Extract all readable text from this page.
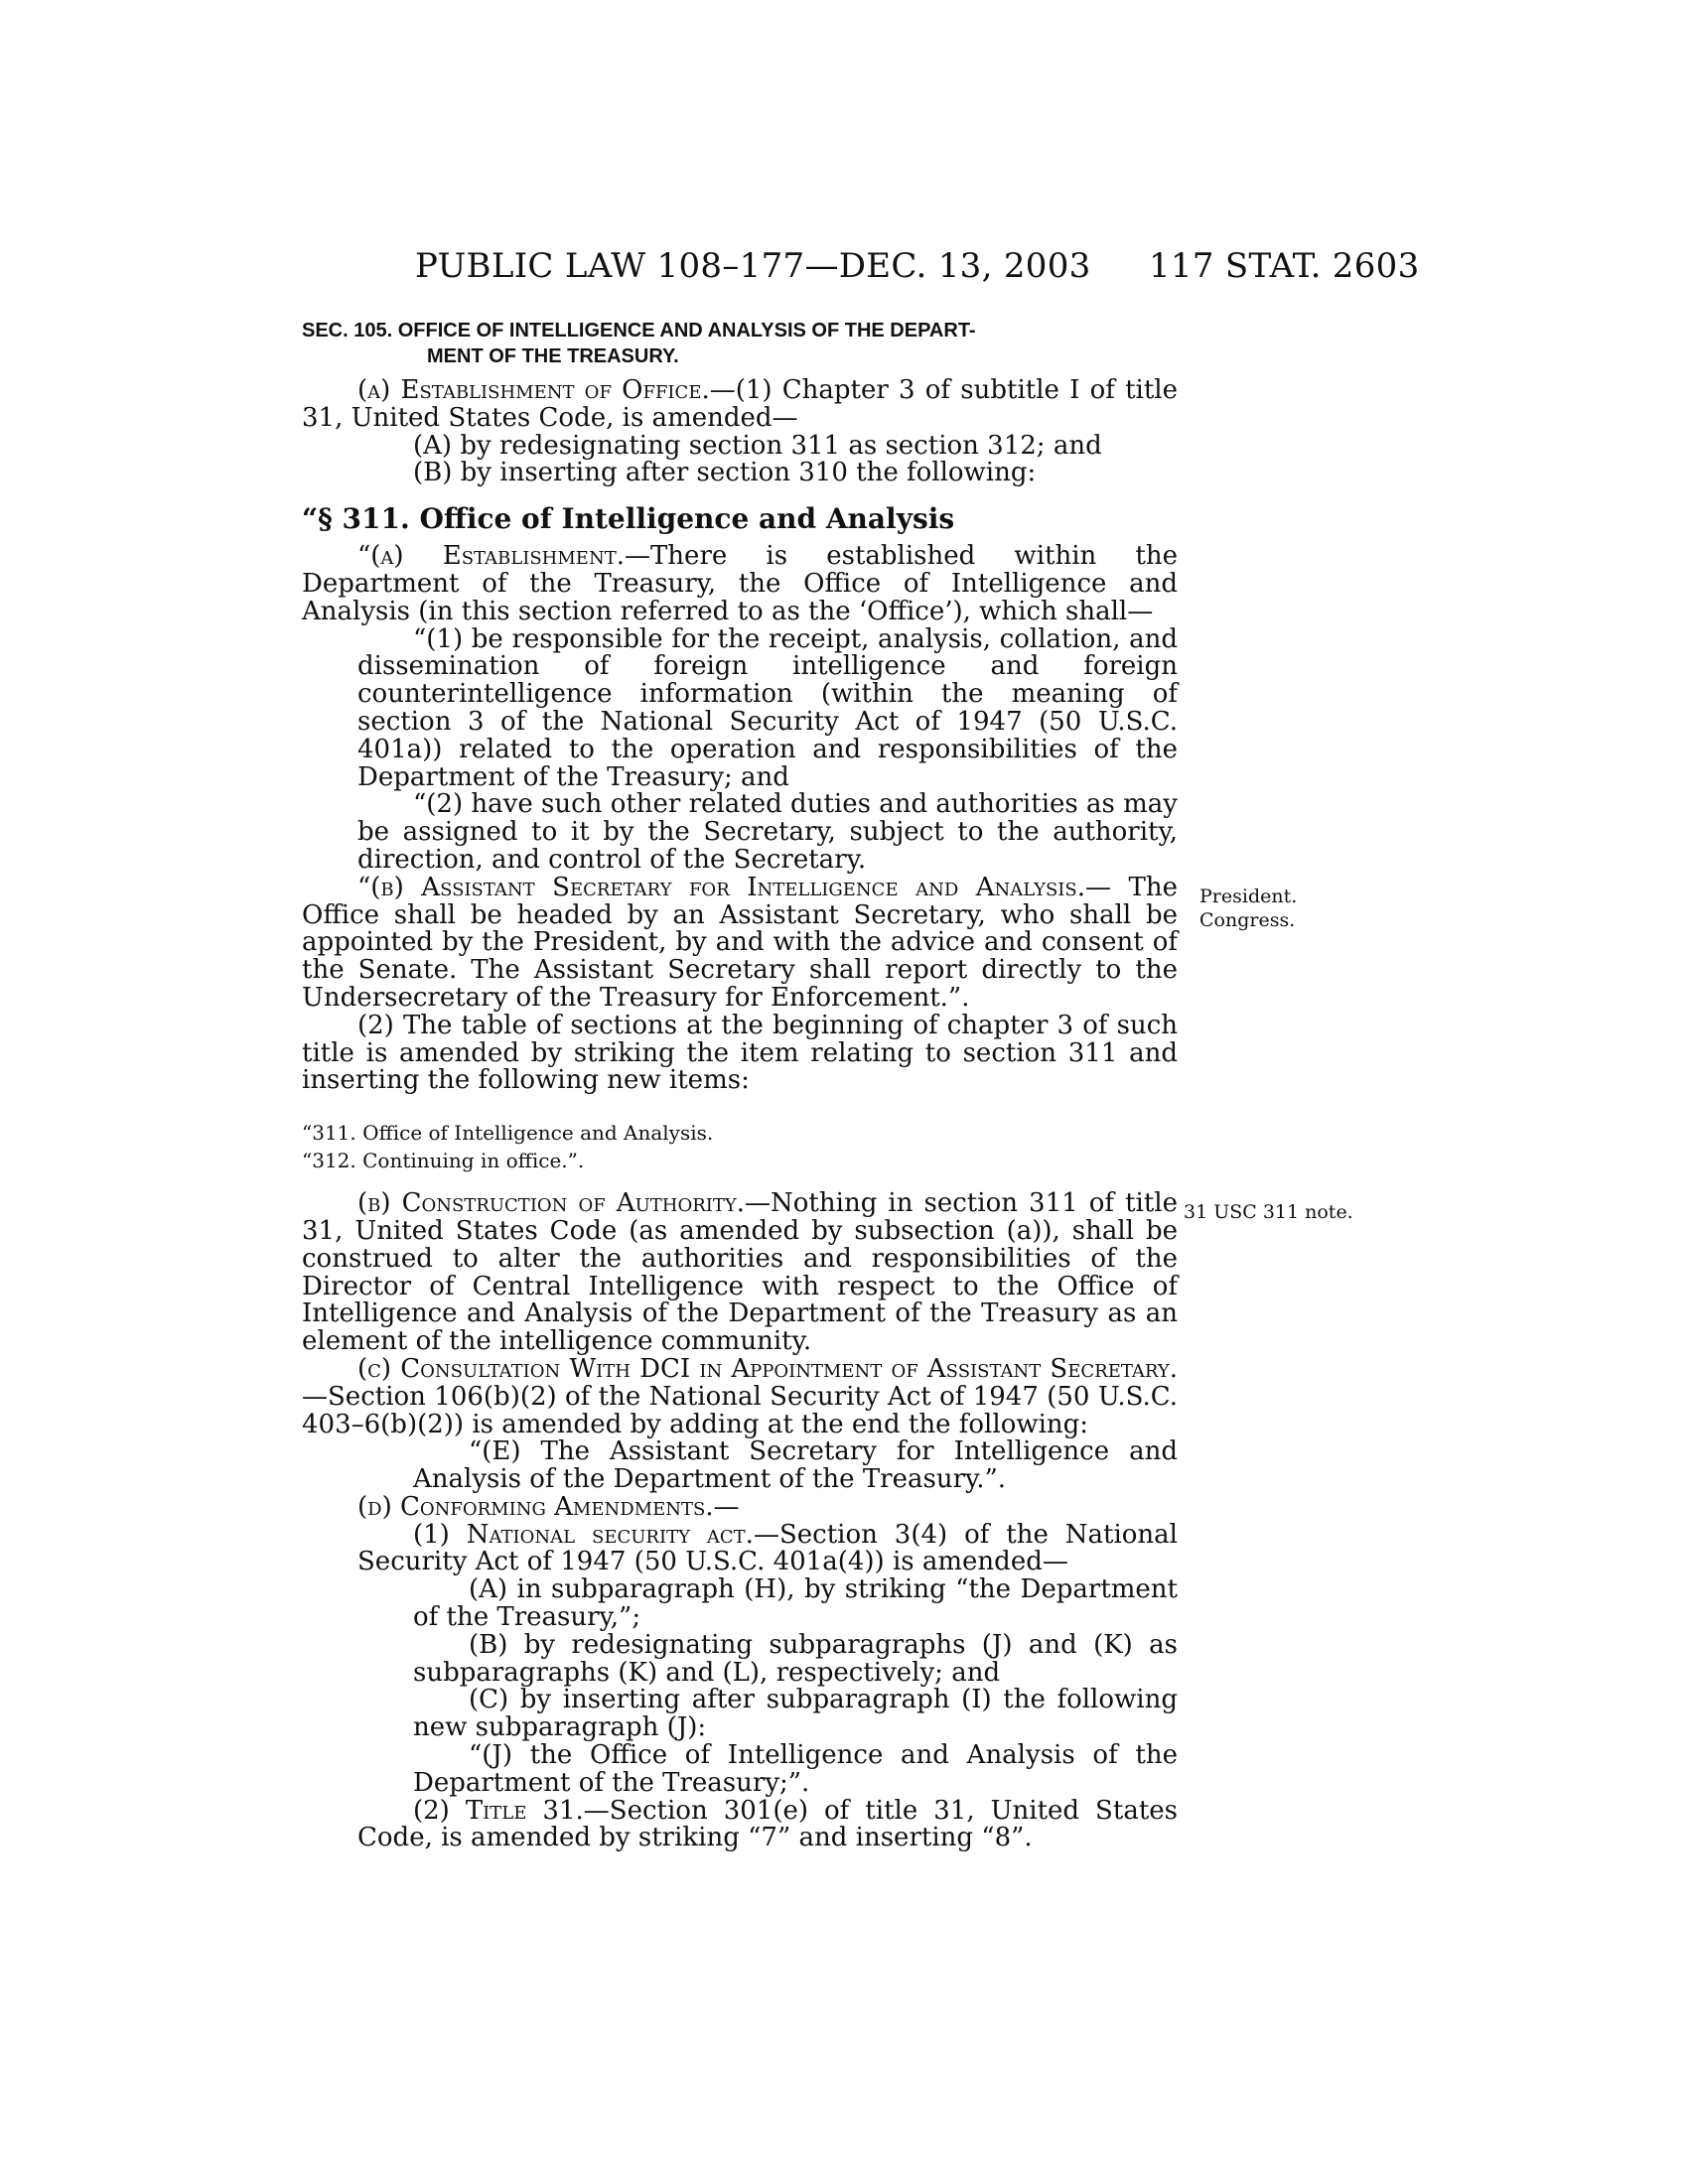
PUBLIC LAW 108–177—DEC. 13, 2003 117 STAT. 2603
SEC. 105. OFFICE OF INTELLIGENCE AND ANALYSIS OF THE DEPART-
MENT OF THE TREASURY.

(a) Establishment of Office.—(1) Chapter 3 of subtitle I of title 31, United States Code, is amended—

(A) by redesignating section 311 as section 312; and

(B) by inserting after section 310 the following:

“§ 311. Office of Intelligence and Analysis

“(a) Establishment.—There is established within the Department of the Treasury, the Office of Intelligence and Analysis (in this section referred to as the ‘Office’), which shall—

“(1) be responsible for the receipt, analysis, collation, and dissemination of foreign intelligence and foreign counterintelligence information (within the meaning of section 3 of the National Security Act of 1947 (50 U.S.C. 401a)) related to the operation and responsibilities of the Department of the Treasury; and

“(2) have such other related duties and authorities as may be assigned to it by the Secretary, subject to the authority, direction, and control of the Secretary.

“(b) Assistant Secretary for Intelligence and Analysis.— The Office shall be headed by an Assistant Secretary, who shall be appointed by the President, by and with the advice and consent of the Senate. The Assistant Secretary shall report directly to the Undersecretary of the Treasury for Enforcement.”.

(2) The table of sections at the beginning of chapter 3 of such title is amended by striking the item relating to section 311 and inserting the following new items:

“311. Office of Intelligence and Analysis.
“312. Continuing in office.”.

(b) Construction of Authority.—Nothing in section 311 of title 31, United States Code (as amended by subsection (a)), shall be construed to alter the authorities and responsibilities of the Director of Central Intelligence with respect to the Office of Intelligence and Analysis of the Department of the Treasury as an element of the intelligence community.

(c) Consultation With DCI in Appointment of Assistant Secretary.—Section 106(b)(2) of the National Security Act of 1947 (50 U.S.C. 403–6(b)(2)) is amended by adding at the end the following:

“(E) The Assistant Secretary for Intelligence and Analysis of the Department of the Treasury.”.

(d) Conforming Amendments.—

(1) National security act.—Section 3(4) of the National Security Act of 1947 (50 U.S.C. 401a(4)) is amended—

(A) in subparagraph (H), by striking “the Department of the Treasury,”;

(B) by redesignating subparagraphs (J) and (K) as subparagraphs (K) and (L), respectively; and

(C) by inserting after subparagraph (I) the following new subparagraph (J):

“(J) the Office of Intelligence and Analysis of the Department of the Treasury;”.

(2) Title 31.—Section 301(e) of title 31, United States Code, is amended by striking “7” and inserting “8”.

President.
Congress.
31 USC 311 note.
